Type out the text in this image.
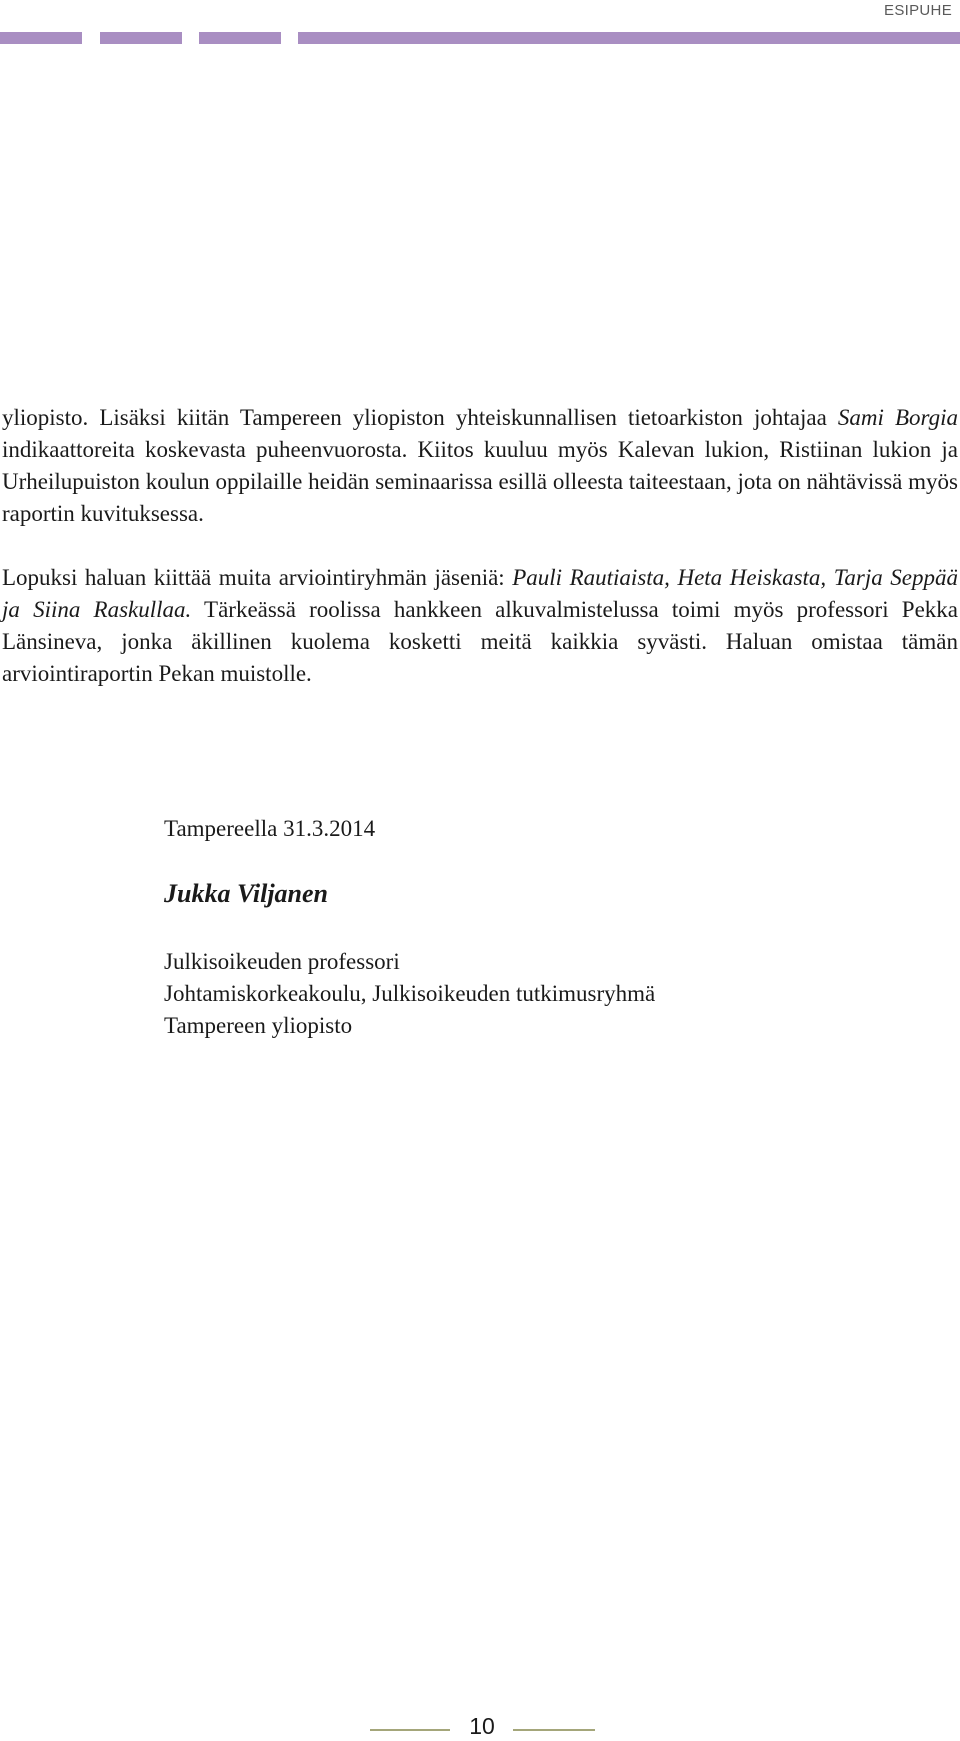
ESIPUHE

yliopisto. Lisäksi kiitän Tampereen yliopiston yhteiskunnallisen tietoarkiston johtajaa Sami Borgia indikaattoreita koskevasta puheenvuorosta. Kiitos kuuluu myös Kalevan lukion, Ristiinan lukion ja Urheilupuiston koulun oppilaille heidän seminaarissa esillä olleesta taiteestaan, jota on nähtävissä myös raportin kuvituksessa.

Lopuksi haluan kiittää muita arviointiryhmän jäseniä: Pauli Rautiaista, Heta Heiskasta, Tarja Seppää ja Siina Raskullaa. Tärkeässä roolissa hankkeen alkuvalmistelussa toimi myös professori Pekka Länsineva, jonka äkillinen kuolema kosketti meitä kaikkia syvästi. Haluan omistaa tämän arviointiraportin Pekan muistolle.

Tampereella 31.3.2014

Jukka Viljanen

Julkisoikeuden professori

Johtamiskorkeakoulu, Julkisoikeuden tutkimusryhmä

Tampereen yliopisto

10
